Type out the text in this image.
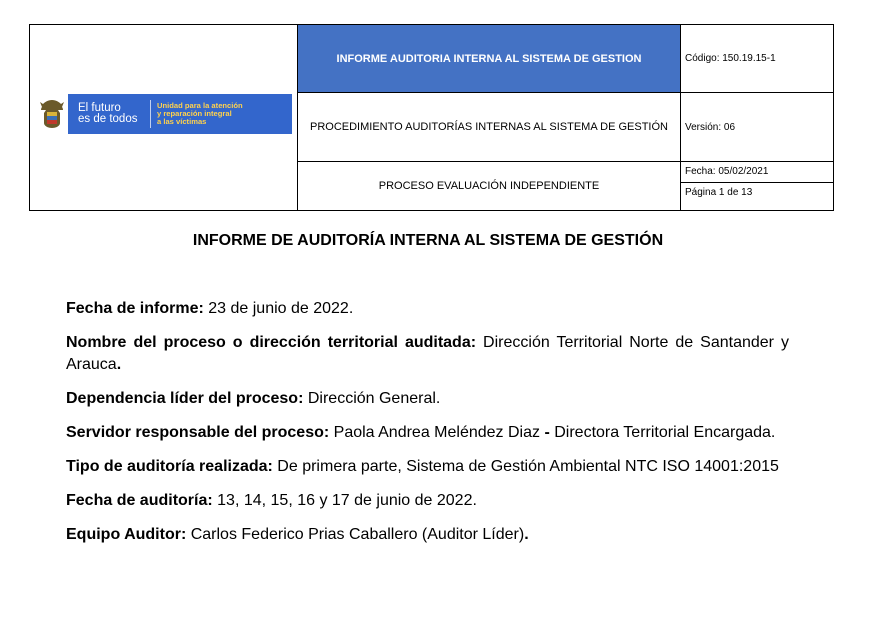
El futuro
es de todos
Unidad para la atención
y reparación integral
a las víctimas	INFORME AUDITORIA INTERNA AL SISTEMA DE GESTION	Código: 150.19.15-1
	PROCEDIMIENTO AUDITORÍAS INTERNAS AL SISTEMA DE GESTIÓN	Versión: 06
	PROCESO EVALUACIÓN INDEPENDIENTE	Fecha: 05/02/2021
Página 1 de 13
INFORME DE AUDITORÍA INTERNA AL SISTEMA DE GESTIÓN

Fecha de informe: 23 de junio de 2022.

Nombre del proceso o dirección territorial auditada: Dirección Territorial Norte de Santander y Arauca.

Dependencia líder del proceso: Dirección General.

Servidor responsable del proceso: Paola Andrea Meléndez Diaz - Directora Territorial Encargada.

Tipo de auditoría realizada: De primera parte, Sistema de Gestión Ambiental NTC ISO 14001:2015

Fecha de auditoría: 13, 14, 15, 16 y 17 de junio de 2022.

Equipo Auditor: Carlos Federico Prias Caballero (Auditor Líder).
